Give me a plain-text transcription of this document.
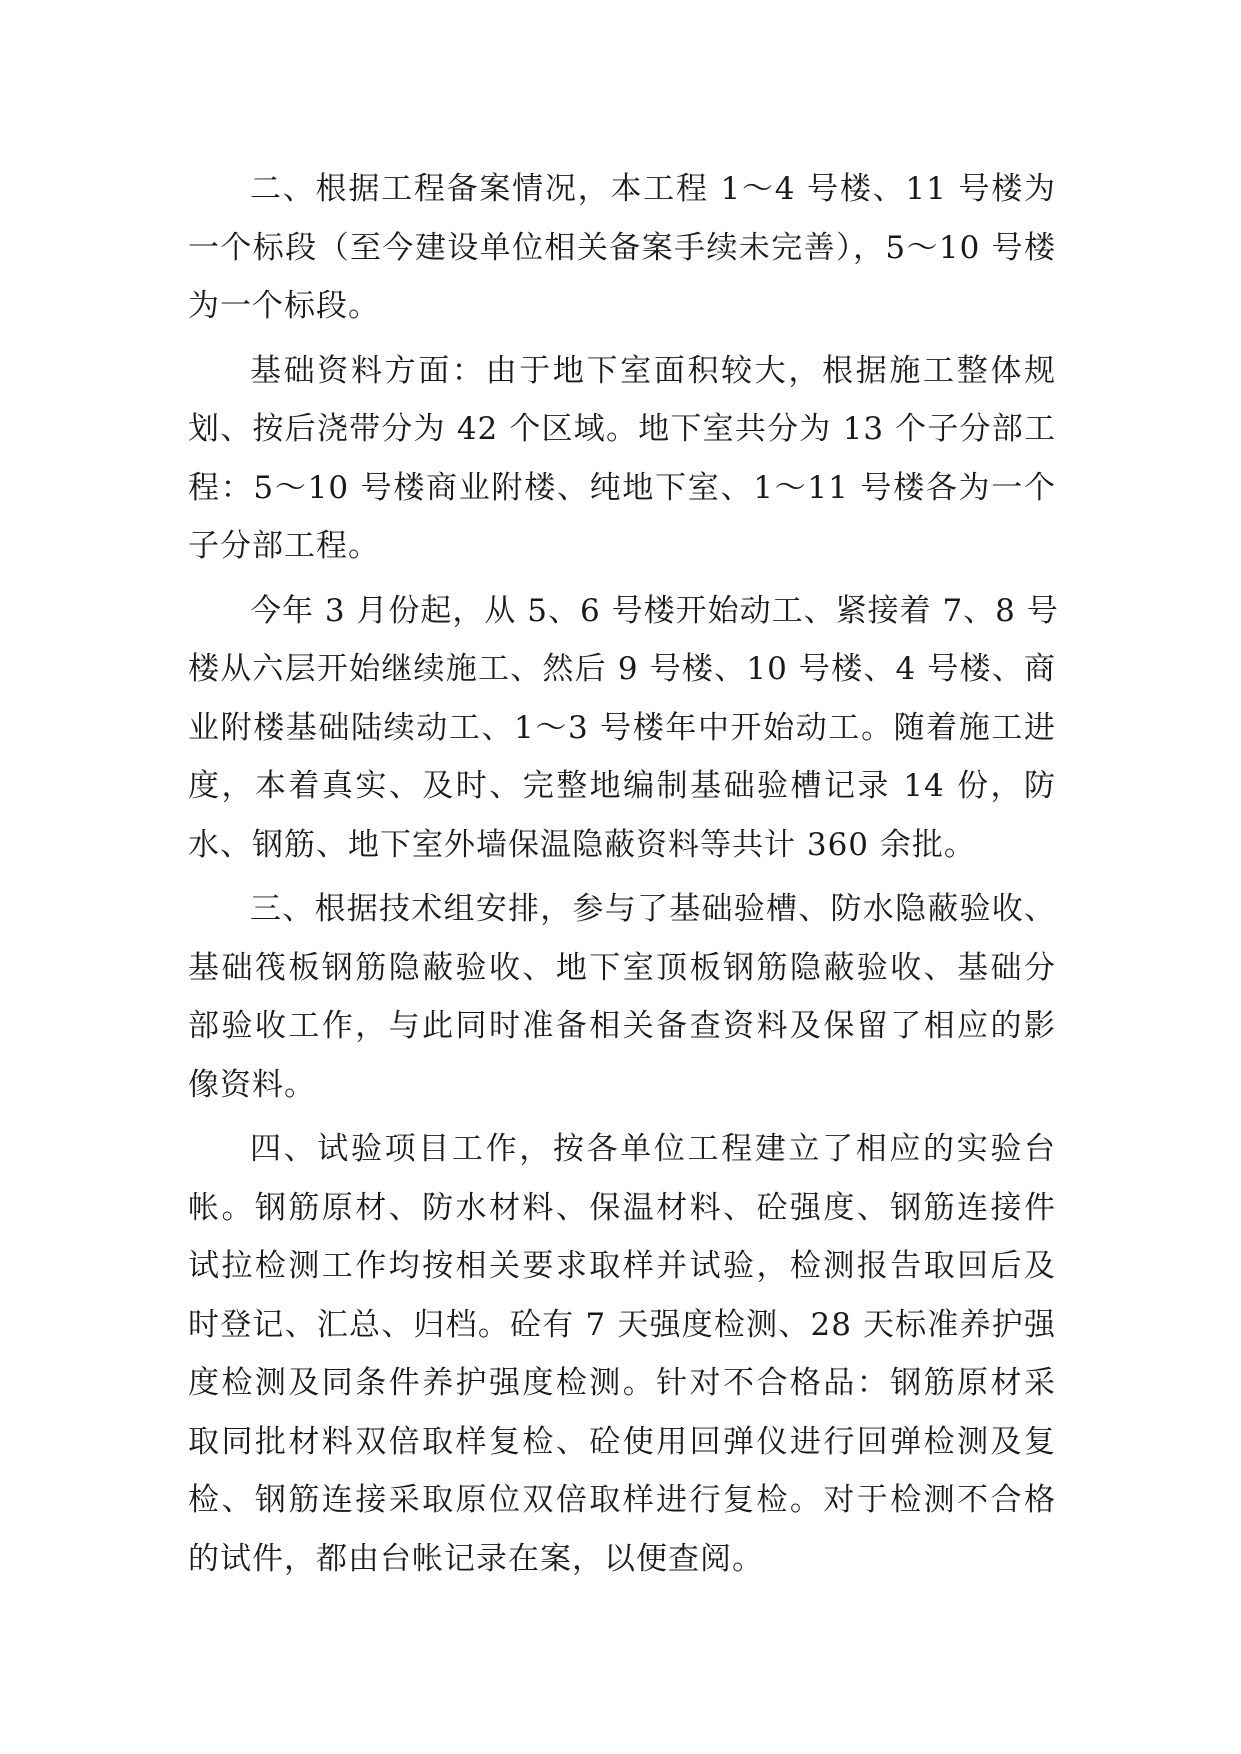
二、根据工程备案情况，本工程 1～4 号楼、11 号楼为
一个标段（至今建设单位相关备案手续未完善），5～10 号楼
为一个标段。
基础资料方面：由于地下室面积较大，根据施工整体规
划、按后浇带分为 42 个区域。地下室共分为 13 个子分部工
程：5～10 号楼商业附楼、纯地下室、1～11 号楼各为一个
子分部工程。
今年 3 月份起，从 5、6 号楼开始动工、紧接着 7、8 号
楼从六层开始继续施工、然后 9 号楼、10 号楼、4 号楼、商
业附楼基础陆续动工、1～3 号楼年中开始动工。随着施工进
度，本着真实、及时、完整地编制基础验槽记录 14 份，防
水、钢筋、地下室外墙保温隐蔽资料等共计 360 余批。
三、根据技术组安排，参与了基础验槽、防水隐蔽验收、
基础筏板钢筋隐蔽验收、地下室顶板钢筋隐蔽验收、基础分
部验收工作，与此同时准备相关备查资料及保留了相应的影
像资料。
四、试验项目工作，按各单位工程建立了相应的实验台
帐。钢筋原材、防水材料、保温材料、砼强度、钢筋连接件
试拉检测工作均按相关要求取样并试验，检测报告取回后及
时登记、汇总、归档。砼有 7 天强度检测、28 天标准养护强
度检测及同条件养护强度检测。针对不合格品：钢筋原材采
取同批材料双倍取样复检、砼使用回弹仪进行回弹检测及复
检、钢筋连接采取原位双倍取样进行复检。对于检测不合格
的试件，都由台帐记录在案，以便查阅。
